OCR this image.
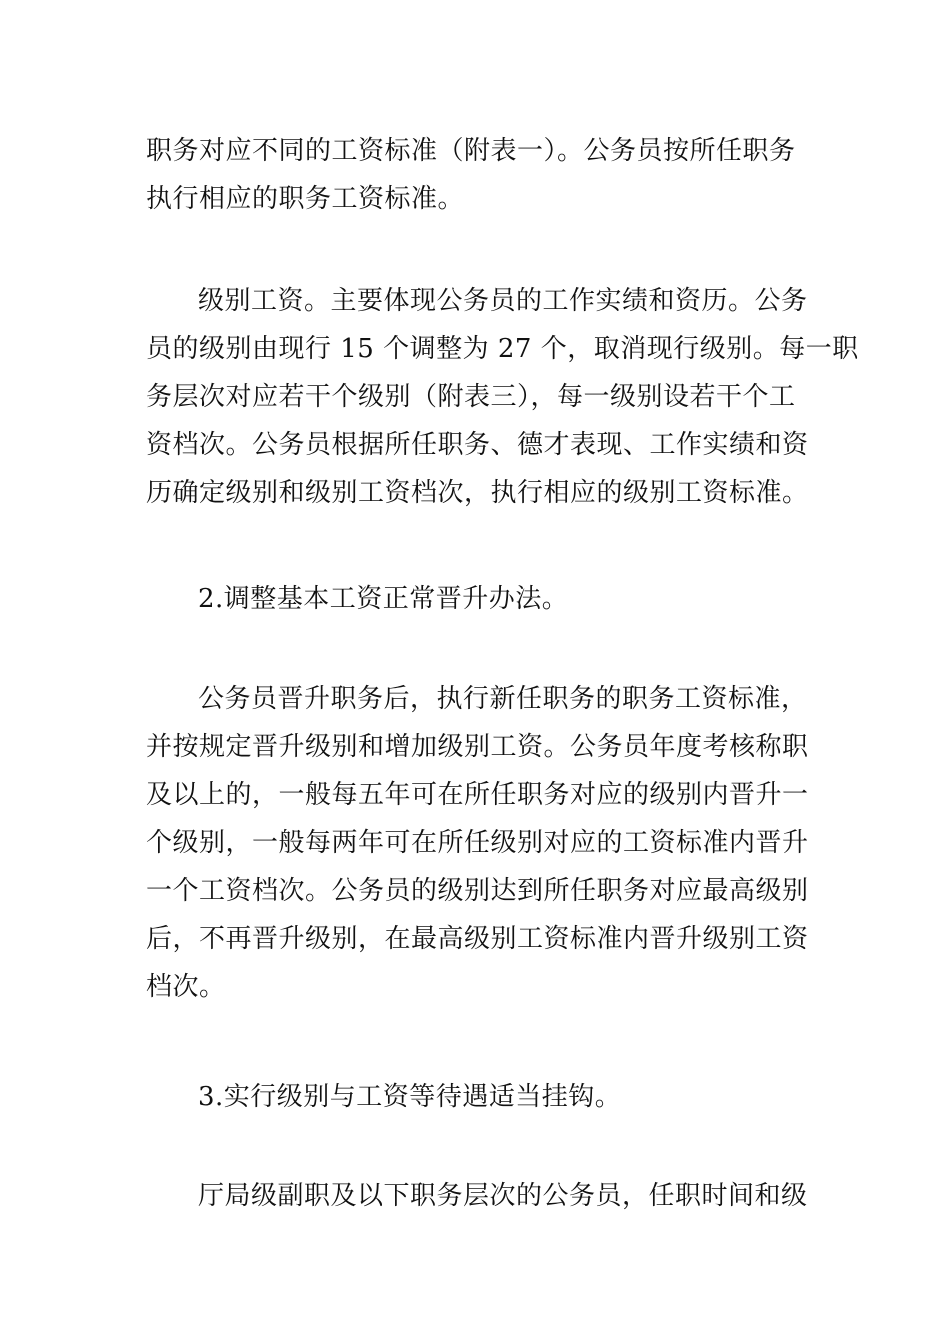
职务对应不同的工资标准（附表一）。公务员按所任职务
执行相应的职务工资标准。

级别工资。主要体现公务员的工作实绩和资历。公务
员的级别由现行 15 个调整为 27 个，取消现行级别。每一职
务层次对应若干个级别（附表三），每一级别设若干个工
资档次。公务员根据所任职务、德才表现、工作实绩和资
历确定级别和级别工资档次，执行相应的级别工资标准。

2.调整基本工资正常晋升办法。

公务员晋升职务后，执行新任职务的职务工资标准，
并按规定晋升级别和增加级别工资。公务员年度考核称职
及以上的，一般每五年可在所任职务对应的级别内晋升一
个级别，一般每两年可在所任级别对应的工资标准内晋升
一个工资档次。公务员的级别达到所任职务对应最高级别
后，不再晋升级别，在最高级别工资标准内晋升级别工资
档次。

3.实行级别与工资等待遇适当挂钩。

厅局级副职及以下职务层次的公务员，任职时间和级
